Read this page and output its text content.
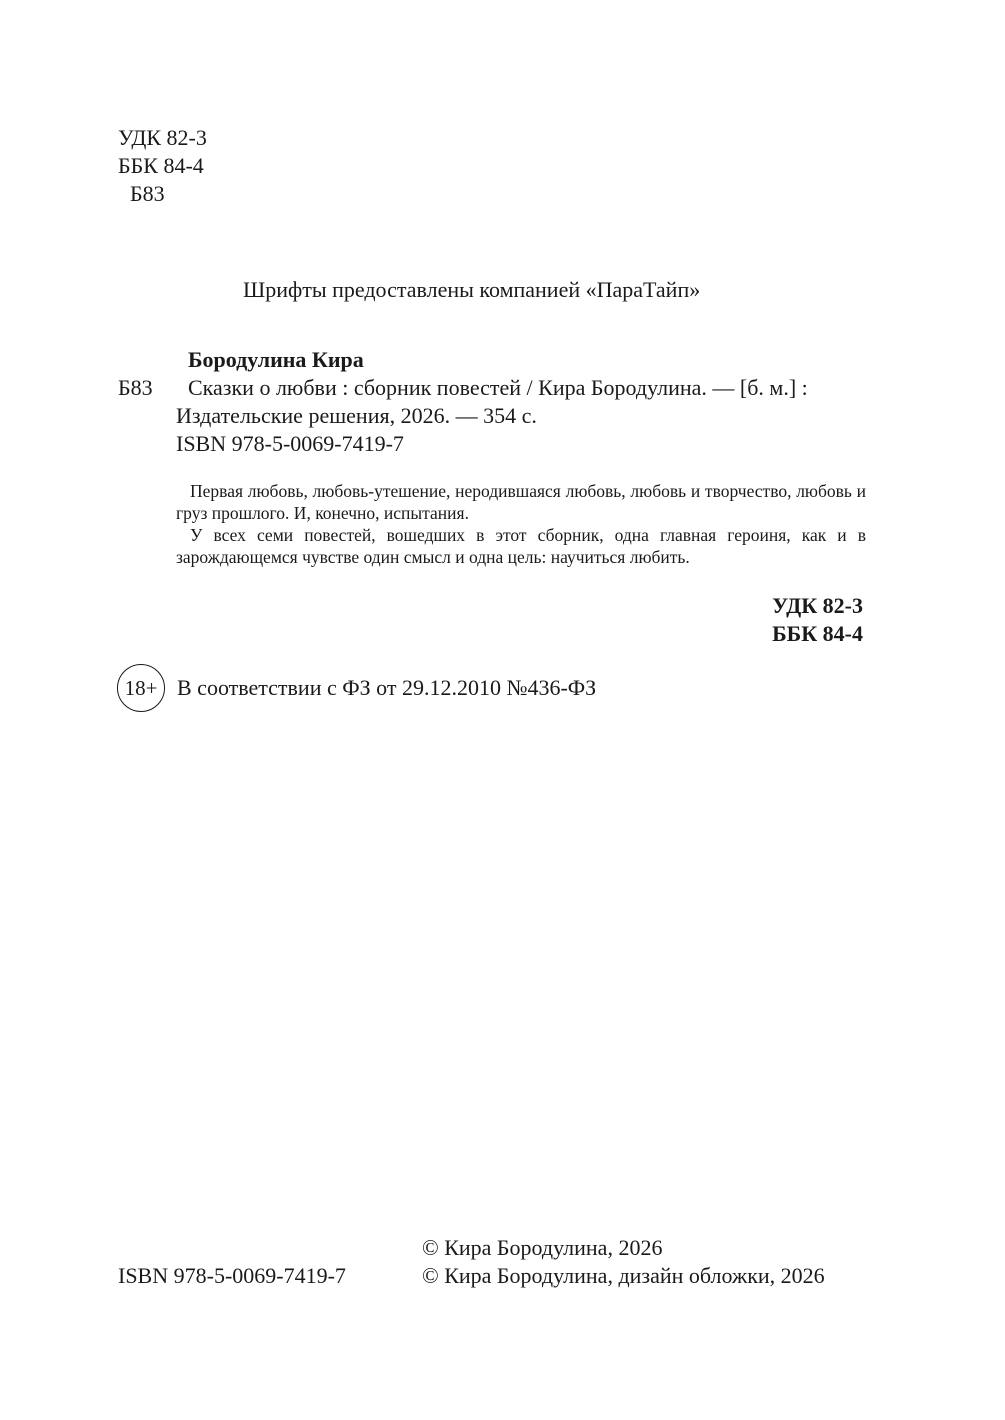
УДК 82-3
ББК 84-4
Б83
Шрифты предоставлены компанией «ПараТайп»
Бородулина Кира
Б83 Сказки о любви : сборник повестей / Кира Бородулина. — [б. м.] :
Издательские решения, 2026. — 354 с.
ISBN 978-5-0069-7419-7

Первая любовь, любовь-утешение, неродившаяся любовь, любовь и творчество, любовь и груз прошлого. И, конечно, испытания.

У всех семи повестей, вошедших в этот сборник, одна главная героиня, как и в зарождающемся чувстве один смысл и одна цель: научиться любить.

УДК 82-3
ББК 84-4
18+ В соответствии с ФЗ от 29.12.2010 №436-ФЗ
ISBN 978-5-0069-7419-7
© Кира Бородулина, 2026
© Кира Бородулина, дизайн обложки, 2026
